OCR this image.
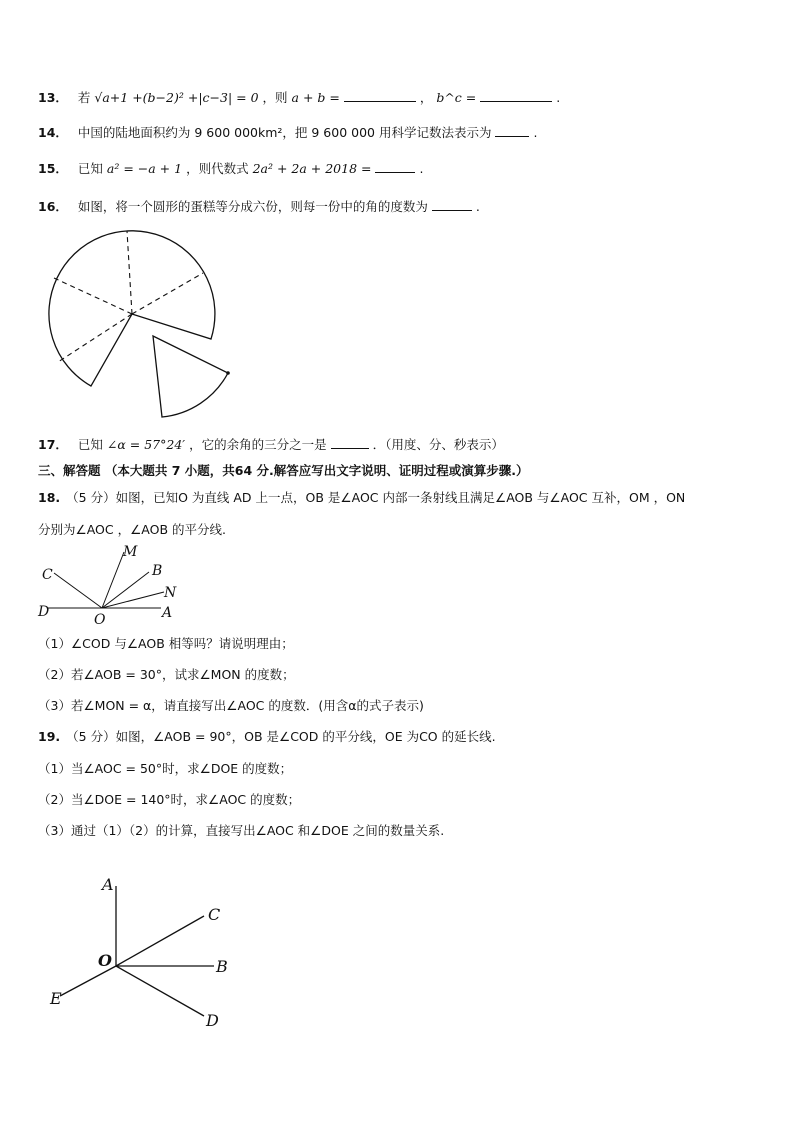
13． 若 √a+1 +(b−2)² +|c−3| = 0 ，则 a + b =	， b^c =	.
14． 中国的陆地面积约为 9 600 000km²，把 9 600 000 用科学记数法表示为	.
15． 已知 a² = −a + 1 ，则代数式 2a² + 2a + 2018 =	.
16． 如图，将一个圆形的蛋糕等分成六份，则每一份中的角的度数为	.
17． 已知 ∠α = 57°24′ ，它的余角的三分之一是	．（用度、分、秒表示）
三、解答题 （本大题共 7 小题，共64 分.解答应写出文字说明、证明过程或演算步骤.）
18. （5 分）如图，已知O 为直线 AD 上一点，OB 是∠AOC 内部一条射线且满足∠AOB 与∠AOC 互补，OM ，ON
分别为∠AOC ，∠AOB 的平分线.
C
M
B
N
D	O	A
（1）∠COD 与∠AOB 相等吗？请说明理由；
（2）若∠AOB = 30°，试求∠MON 的度数；
（3）若∠MON = α，请直接写出∠AOC 的度数．(用含α的式子表示)
19. （5 分）如图，∠AOB = 90°，OB 是∠COD 的平分线，OE 为CO 的延长线.
（1）当∠AOC = 50°时，求∠DOE 的度数；
（2）当∠DOE = 140°时，求∠AOC 的度数；
（3）通过（1）（2）的计算，直接写出∠AOC 和∠DOE 之间的数量关系.
A
C
O	B
E
D
